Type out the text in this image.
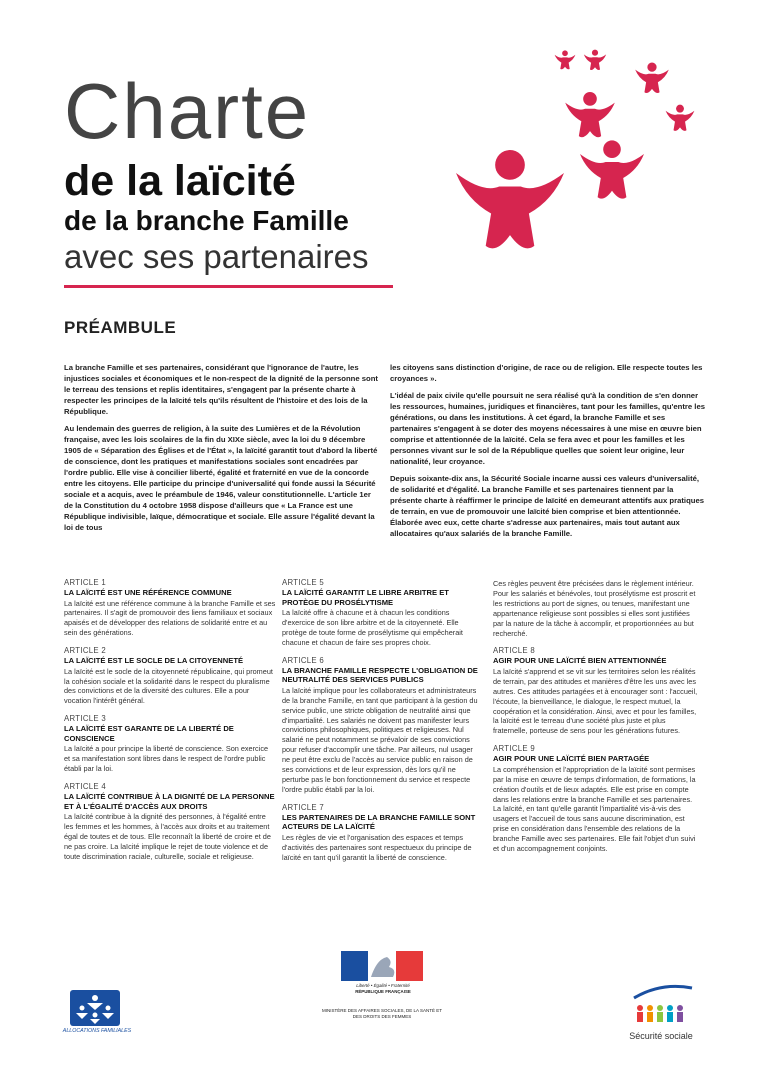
Charte
de la laïcité
de la branche Famille
avec ses partenaires
PRÉAMBULE

La branche Famille et ses partenaires, considérant que l'ignorance de l'autre, les injustices sociales et économiques et le non-respect de la dignité de la personne sont le terreau des tensions et replis identitaires, s'engagent par la présente charte à respecter les principes de la laïcité tels qu'ils résultent de l'histoire et des lois de la République.

Au lendemain des guerres de religion, à la suite des Lumières et de la Révolution française, avec les lois scolaires de la fin du XIXe siècle, avec la loi du 9 décembre 1905 de « Séparation des Églises et de l'État », la laïcité garantit tout d'abord la liberté de conscience, dont les pratiques et manifestations sociales sont encadrées par l'ordre public. Elle vise à concilier liberté, égalité et fraternité en vue de la concorde entre les citoyens. Elle participe du principe d'universalité qui fonde aussi la Sécurité sociale et a acquis, avec le préambule de 1946, valeur constitutionnelle. L'article 1er de la Constitution du 4 octobre 1958 dispose d'ailleurs que « La France est une République indivisible, laïque, démocratique et sociale. Elle assure l'égalité devant la loi de tous

les citoyens sans distinction d'origine, de race ou de religion. Elle respecte toutes les croyances ».

L'idéal de paix civile qu'elle poursuit ne sera réalisé qu'à la condition de s'en donner les ressources, humaines, juridiques et financières, tant pour les familles, qu'entre les générations, ou dans les institutions. À cet égard, la branche Famille et ses partenaires s'engagent à se doter des moyens nécessaires à une mise en œuvre bien comprise et attentionnée de la laïcité. Cela se fera avec et pour les familles et les personnes vivant sur le sol de la République quelles que soient leur origine, leur nationalité, leur croyance.

Depuis soixante-dix ans, la Sécurité Sociale incarne aussi ces valeurs d'universalité, de solidarité et d'égalité. La branche Famille et ses partenaires tiennent par la présente charte à réaffirmer le principe de laïcité en demeurant attentifs aux pratiques de terrain, en vue de promouvoir une laïcité bien comprise et bien attentionnée. Élaborée avec eux, cette charte s'adresse aux partenaires, mais tout autant aux allocataires qu'aux salariés de la branche Famille.

ARTICLE 1
LA LAÏCITÉ EST UNE RÉFÉRENCE COMMUNE
La laïcité est une référence commune à la branche Famille et ses partenaires. Il s'agit de promouvoir des liens familiaux et sociaux apaisés et de développer des relations de solidarité entre et au sein des générations.
ARTICLE 2
LA LAÏCITÉ EST LE SOCLE DE LA CITOYENNETÉ
La laïcité est le socle de la citoyenneté républicaine, qui promeut la cohésion sociale et la solidarité dans le respect du pluralisme des convictions et de la diversité des cultures. Elle a pour vocation l'intérêt général.
ARTICLE 3
LA LAÏCITÉ EST GARANTE DE LA LIBERTÉ DE CONSCIENCE
La laïcité a pour principe la liberté de conscience. Son exercice et sa manifestation sont libres dans le respect de l'ordre public établi par la loi.
ARTICLE 4
LA LAÏCITÉ CONTRIBUE À LA DIGNITÉ DE LA PERSONNE ET À L'ÉGALITÉ D'ACCÈS AUX DROITS
La laïcité contribue à la dignité des personnes, à l'égalité entre les femmes et les hommes, à l'accès aux droits et au traitement égal de toutes et de tous. Elle reconnaît la liberté de croire et de ne pas croire. La laïcité implique le rejet de toute violence et de toute discrimination raciale, culturelle, sociale et religieuse.
ARTICLE 5
LA LAÏCITÉ GARANTIT LE LIBRE ARBITRE ET PROTÈGE DU PROSÉLYTISME
La laïcité offre à chacune et à chacun les conditions d'exercice de son libre arbitre et de la citoyenneté. Elle protège de toute forme de prosélytisme qui empêcherait chacune et chacun de faire ses propres choix.
ARTICLE 6
LA BRANCHE FAMILLE RESPECTE L'OBLIGATION DE NEUTRALITÉ DES SERVICES PUBLICS
La laïcité implique pour les collaborateurs et administrateurs de la branche Famille, en tant que participant à la gestion du service public, une stricte obligation de neutralité ainsi que d'impartialité. Les salariés ne doivent pas manifester leurs convictions philosophiques, politiques et religieuses. Nul salarié ne peut notamment se prévaloir de ses convictions pour refuser d'accomplir une tâche. Par ailleurs, nul usager ne peut être exclu de l'accès au service public en raison de ses convictions et de leur expression, dès lors qu'il ne perturbe pas le bon fonctionnement du service et respecte l'ordre public établi par la loi.
ARTICLE 7
LES PARTENAIRES DE LA BRANCHE FAMILLE SONT ACTEURS DE LA LAÏCITÉ
Les règles de vie et l'organisation des espaces et temps d'activités des partenaires sont respectueux du principe de laïcité en tant qu'il garantit la liberté de conscience.
Ces règles peuvent être précisées dans le règlement intérieur. Pour les salariés et bénévoles, tout prosélytisme est proscrit et les restrictions au port de signes, ou tenues, manifestant une appartenance religieuse sont possibles si elles sont justifiées par la nature de la tâche à accomplir, et proportionnées au but recherché.
ARTICLE 8
AGIR POUR UNE LAÏCITÉ BIEN ATTENTIONNÉE
La laïcité s'apprend et se vit sur les territoires selon les réalités de terrain, par des attitudes et manières d'être les uns avec les autres. Ces attitudes partagées et à encourager sont : l'accueil, l'écoute, la bienveillance, le dialogue, le respect mutuel, la coopération et la considération. Ainsi, avec et pour les familles, la laïcité est le terreau d'une société plus juste et plus fraternelle, porteuse de sens pour les générations futures.
ARTICLE 9
AGIR POUR UNE LAÏCITÉ BIEN PARTAGÉE
La compréhension et l'appropriation de la laïcité sont permises par la mise en œuvre de temps d'information, de formations, la création d'outils et de lieux adaptés. Elle est prise en compte dans les relations entre la branche Famille et ses partenaires. La laïcité, en tant qu'elle garantit l'impartialité vis-à-vis des usagers et l'accueil de tous sans aucune discrimination, est prise en considération dans l'ensemble des relations de la branche Famille avec ses partenaires. Elle fait l'objet d'un suivi et d'un accompagnement conjoints.
ALLOCATIONS FAMILIALES
Liberté • Égalité • Fraternité
RÉPUBLIQUE FRANÇAISE
MINISTÈRE DES AFFAIRES SOCIALES, DE LA SANTÉ ET DES DROITS DES FEMMES
Sécurité sociale
